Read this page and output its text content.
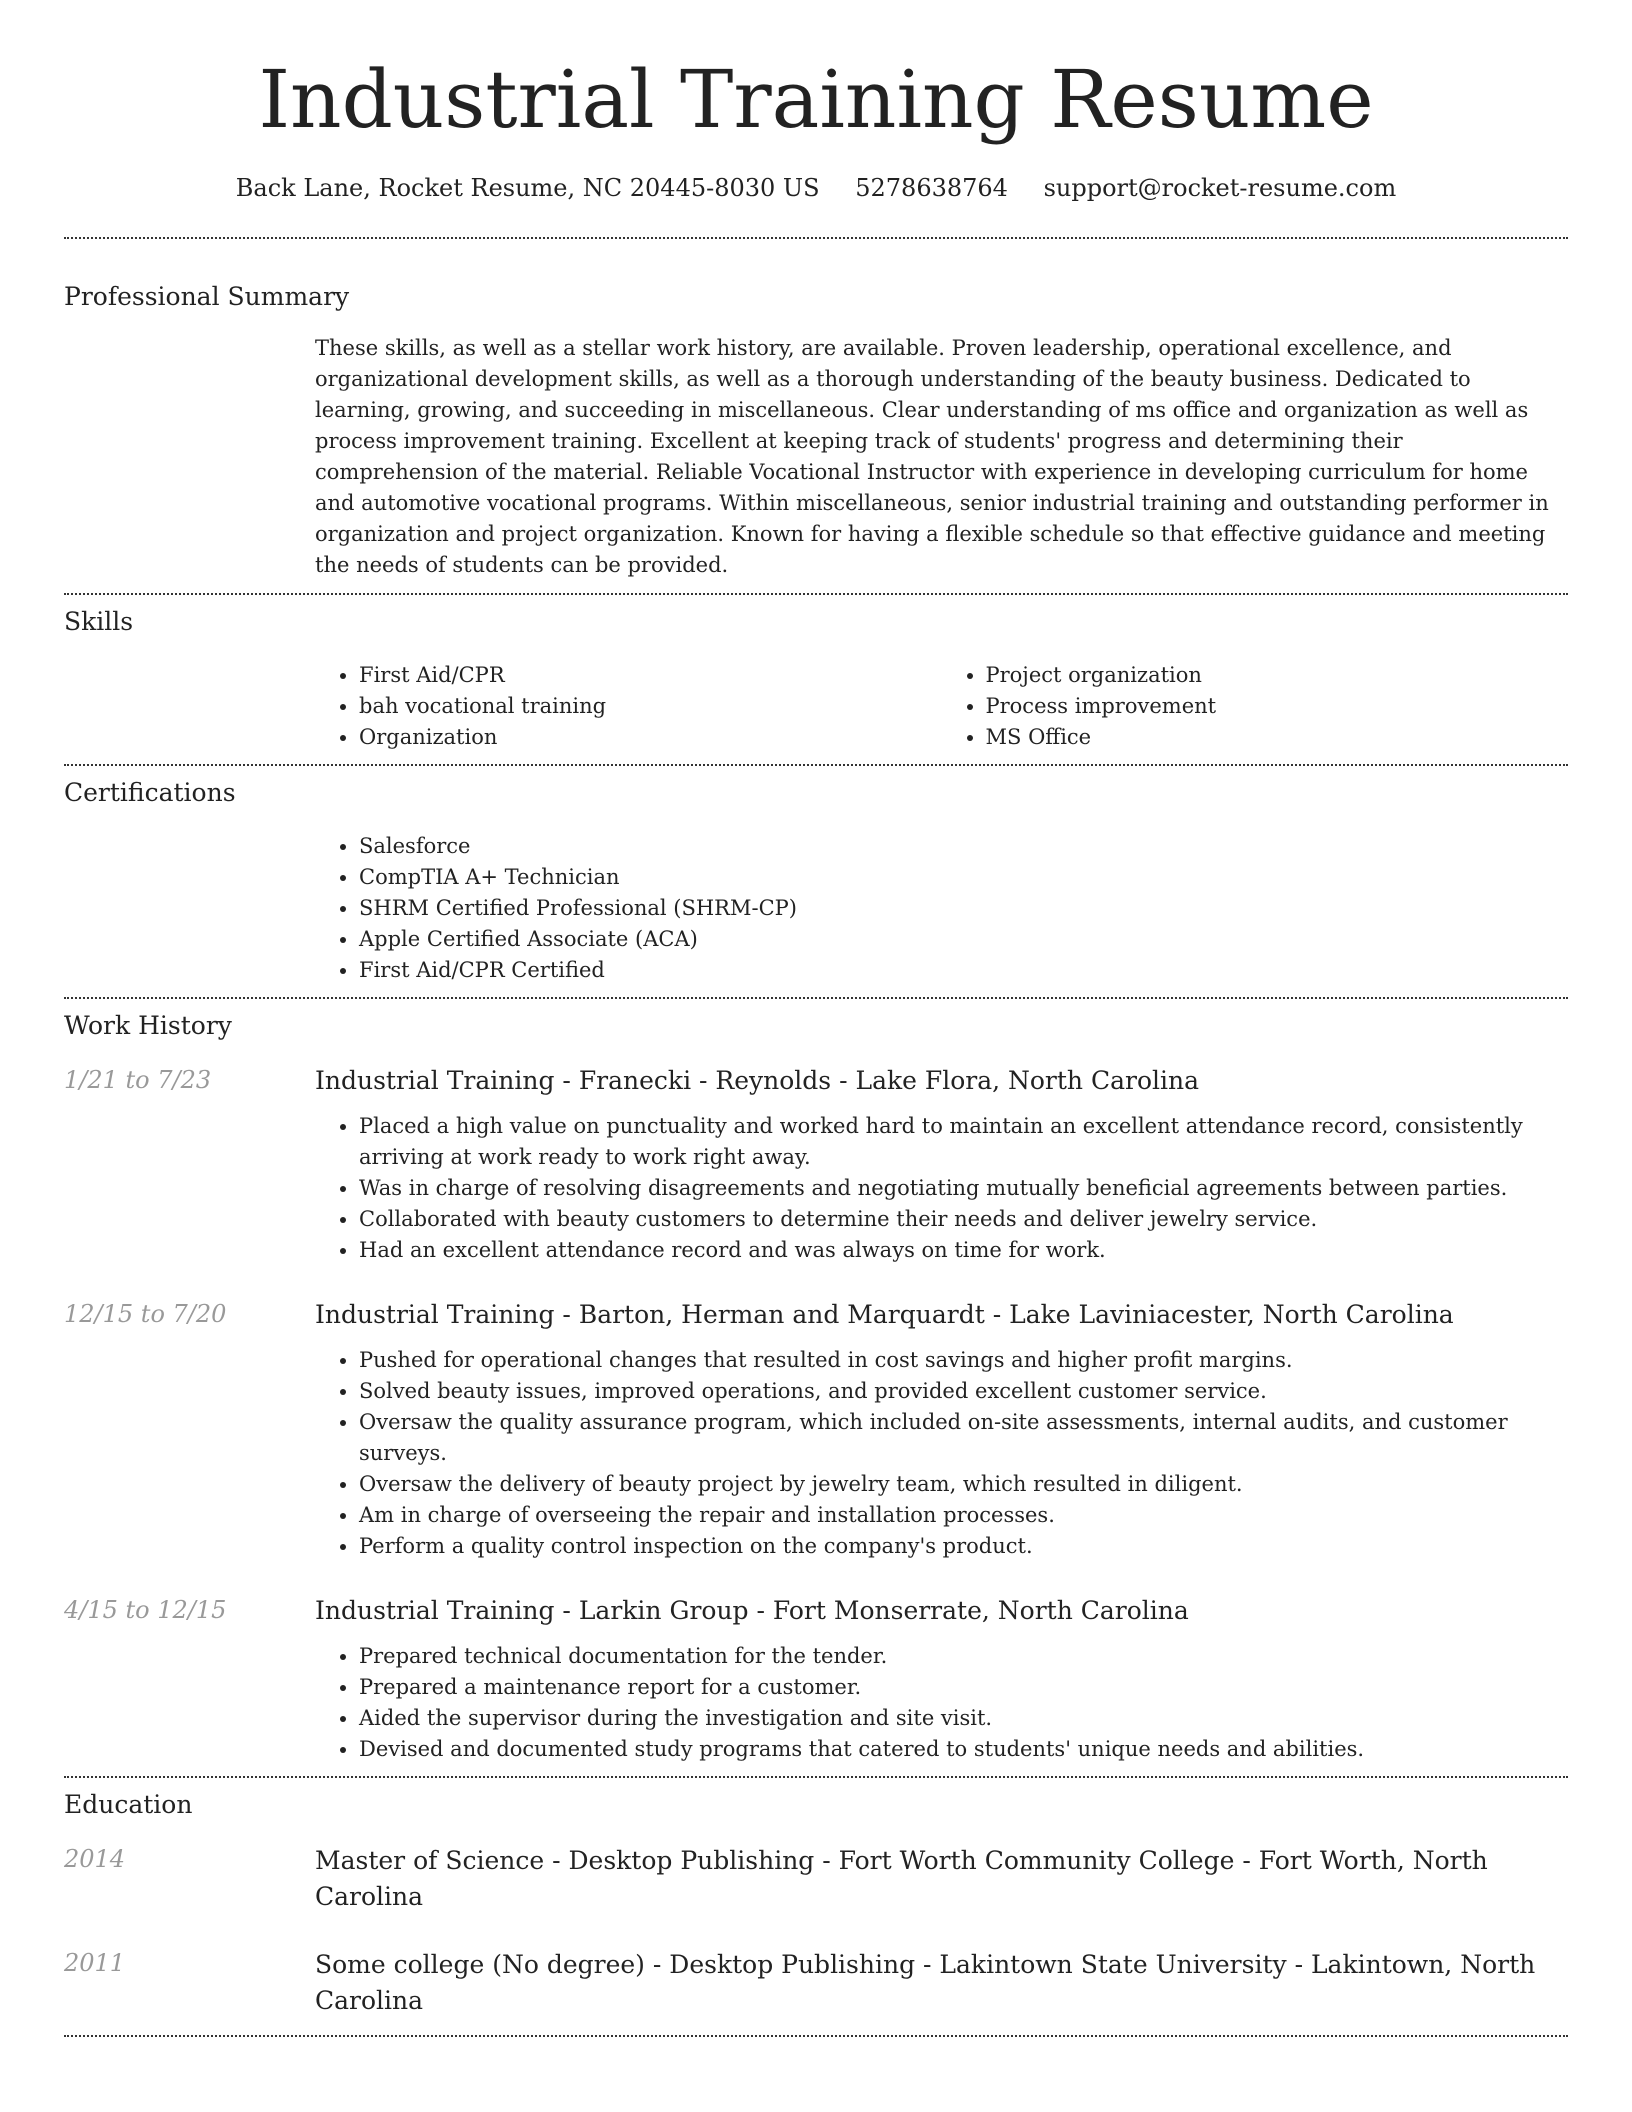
Industrial Training Resume
Back Lane, Rocket Resume, NC 20445-8030 US 5278638764 support@rocket-resume.com
Professional Summary
These skills, as well as a stellar work history, are available. Proven leadership, operational excellence, and organizational development skills, as well as a thorough understanding of the beauty business. Dedicated to learning, growing, and succeeding in miscellaneous. Clear understanding of ms office and organization as well as process improvement training. Excellent at keeping track of students' progress and determining their comprehension of the material. Reliable Vocational Instructor with experience in developing curriculum for home and automotive vocational programs. Within miscellaneous, senior industrial training and outstanding performer in organization and project organization. Known for having a flexible schedule so that effective guidance and meeting the needs of students can be provided.
Skills
• First Aid/CPR
• bah vocational training
• Organization
• Project organization
• Process improvement
• MS Office
Certifications
• Salesforce
• CompTIA A+ Technician
• SHRM Certified Professional (SHRM-CP)
• Apple Certified Associate (ACA)
• First Aid/CPR Certified
Work History
1/21 to 7/23	Industrial Training - Franecki - Reynolds - Lake Flora, North Carolina
• Placed a high value on punctuality and worked hard to maintain an excellent attendance record, consistently arriving at work ready to work right away.
• Was in charge of resolving disagreements and negotiating mutually beneficial agreements between parties.
• Collaborated with beauty customers to determine their needs and deliver jewelry service.
• Had an excellent attendance record and was always on time for work.
12/15 to 7/20	Industrial Training - Barton, Herman and Marquardt - Lake Laviniacester, North Carolina
• Pushed for operational changes that resulted in cost savings and higher profit margins.
• Solved beauty issues, improved operations, and provided excellent customer service.
• Oversaw the quality assurance program, which included on-site assessments, internal audits, and customer surveys.
• Oversaw the delivery of beauty project by jewelry team, which resulted in diligent.
• Am in charge of overseeing the repair and installation processes.
• Perform a quality control inspection on the company's product.
4/15 to 12/15	Industrial Training - Larkin Group - Fort Monserrate, North Carolina
• Prepared technical documentation for the tender.
• Prepared a maintenance report for a customer.
• Aided the supervisor during the investigation and site visit.
• Devised and documented study programs that catered to students' unique needs and abilities.
Education
2014	Master of Science - Desktop Publishing - Fort Worth Community College - Fort Worth, North Carolina
2011	Some college (No degree) - Desktop Publishing - Lakintown State University - Lakintown, North Carolina
